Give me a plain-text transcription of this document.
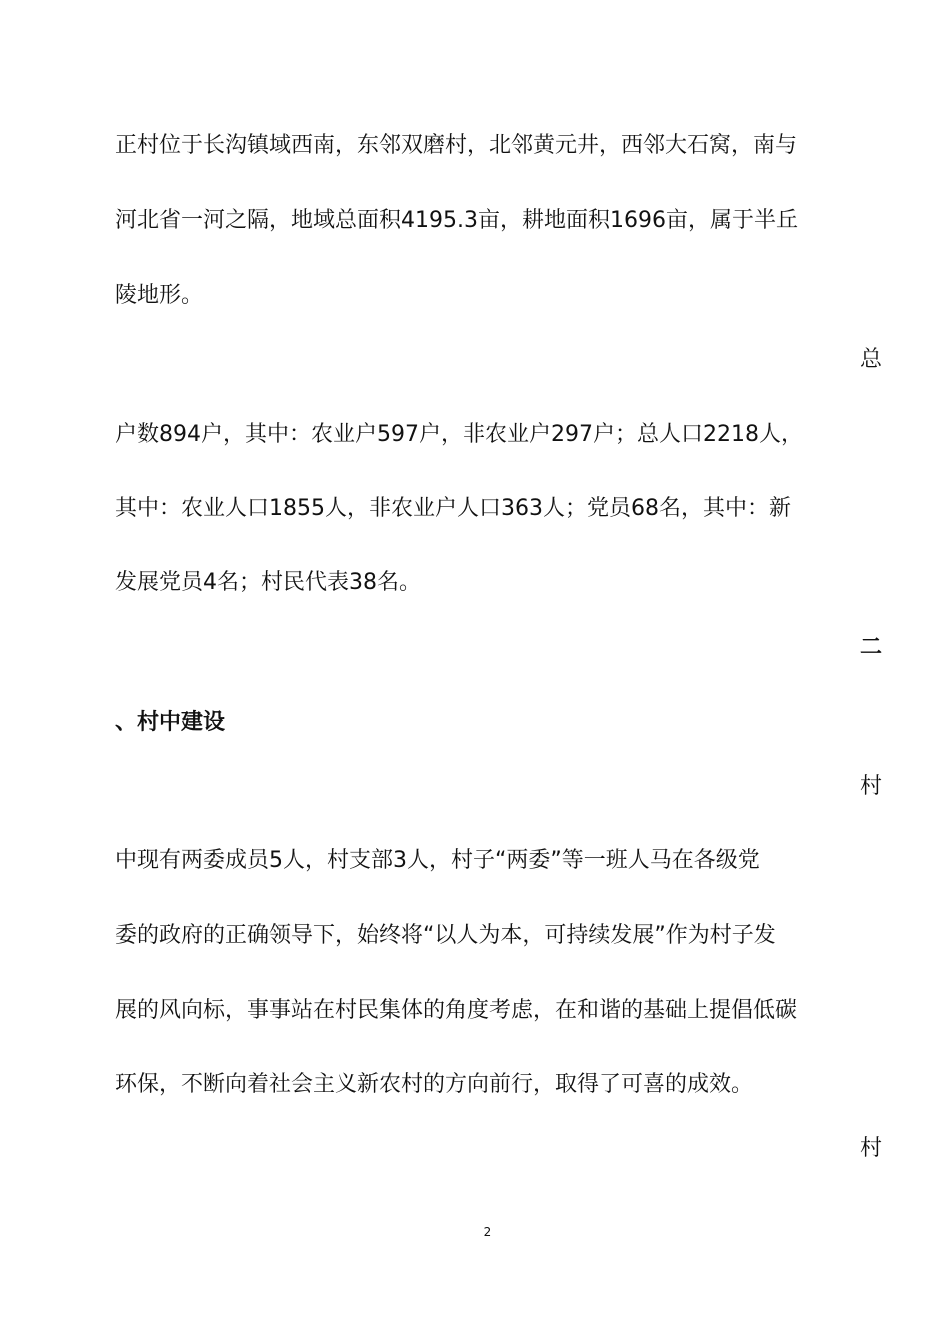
正村位于长沟镇域西南，东邻双磨村，北邻黄元井，西邻大石窝，南与
河北省一河之隔，地域总面积4195.3亩，耕地面积1696亩，属于半丘
陵地形。
总
户数894户，其中：农业户597户，非农业户297户；总人口2218人，
其中：农业人口1855人，非农业户人口363人；党员68名，其中：新
发展党员4名；村民代表38名。
二
、村中建设
村
中现有两委成员5人，村支部3人，村子“两委”等一班人马在各级党
委的政府的正确领导下，始终将“以人为本，可持续发展”作为村子发
展的风向标，事事站在村民集体的角度考虑，在和谐的基础上提倡低碳
环保，不断向着社会主义新农村的方向前行，取得了可喜的成效。
村
2
